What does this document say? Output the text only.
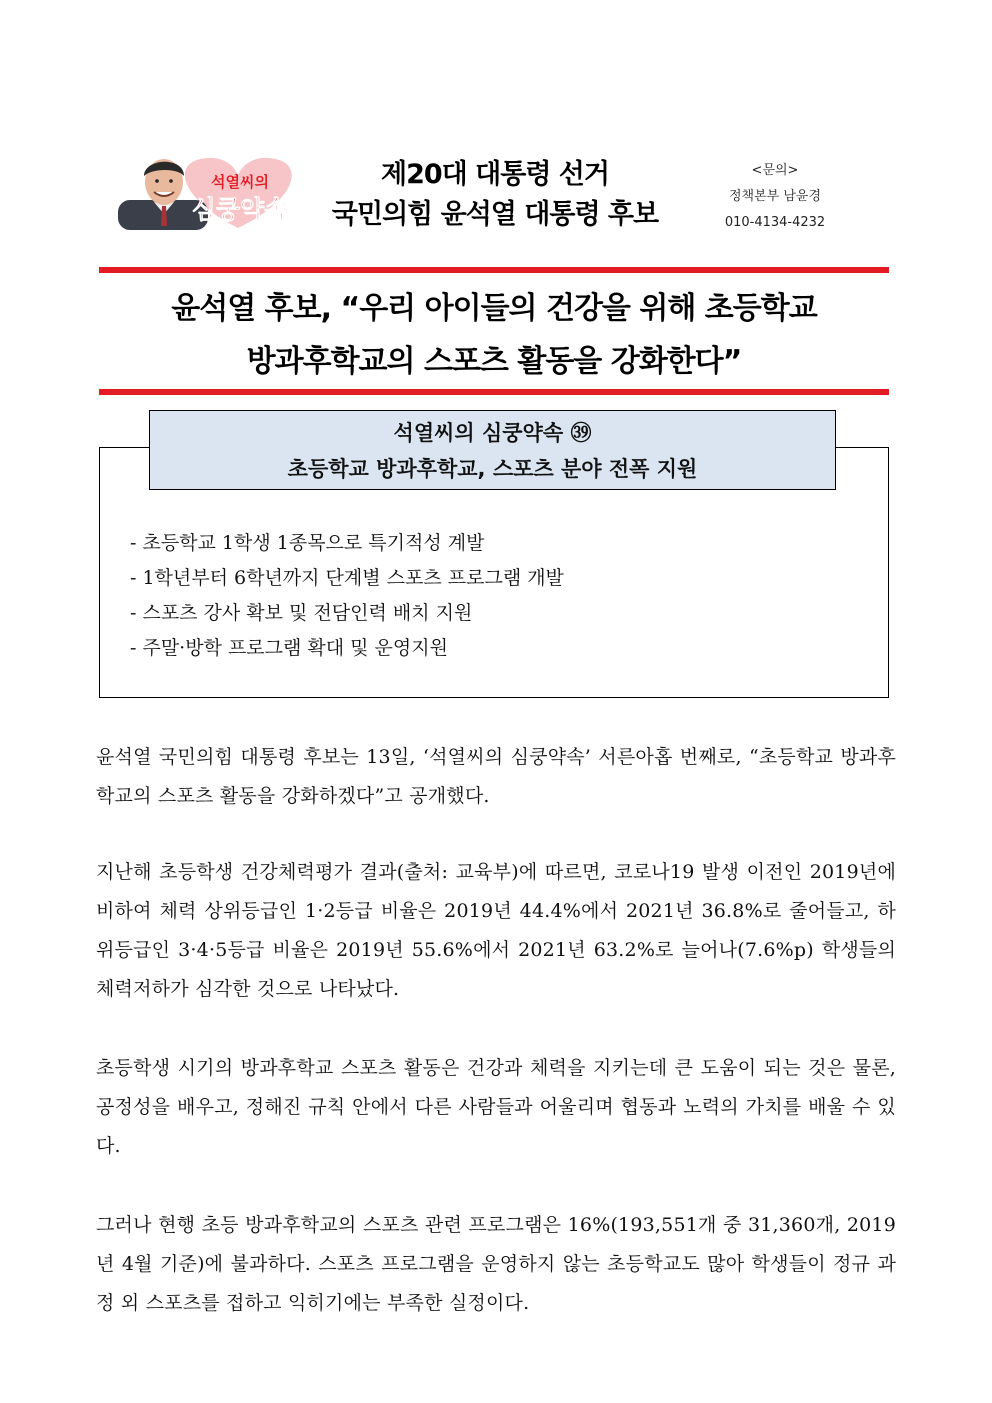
석열씨의
심쿵약속
제20대 대통령 선거
국민의힘 윤석열 대통령 후보
<문의>
정책본부 남윤경
010-4134-4232
윤석열 후보, “우리 아이들의 건강을 위해 초등학교
방과후학교의 스포츠 활동을 강화한다”
석열씨의 심쿵약속 ㊴
초등학교 방과후학교, 스포츠 분야 전폭 지원
- 초등학교 1학생 1종목으로 특기적성 계발
- 1학년부터 6학년까지 단계별 스포츠 프로그램 개발
- 스포츠 강사 확보 및 전담인력 배치 지원
- 주말·방학 프로그램 확대 및 운영지원

윤석열 국민의힘 대통령 후보는 13일, ‘석열씨의 심쿵약속’ 서른아홉 번째로, “초등학교 방과후학교의 스포츠 활동을 강화하겠다”고 공개했다.

지난해 초등학생 건강체력평가 결과(출처: 교육부)에 따르면, 코로나19 발생 이전인 2019년에 비하여 체력 상위등급인 1·2등급 비율은 2019년 44.4%에서 2021년 36.8%로 줄어들고, 하위등급인 3·4·5등급 비율은 2019년 55.6%에서 2021년 63.2%로 늘어나(7.6%p) 학생들의 체력저하가 심각한 것으로 나타났다.

초등학생 시기의 방과후학교 스포츠 활동은 건강과 체력을 지키는데 큰 도움이 되는 것은 물론, 공정성을 배우고, 정해진 규칙 안에서 다른 사람들과 어울리며 협동과 노력의 가치를 배울 수 있다.

그러나 현행 초등 방과후학교의 스포츠 관련 프로그램은 16%(193,551개 중 31,360개, 2019년 4월 기준)에 불과하다. 스포츠 프로그램을 운영하지 않는 초등학교도 많아 학생들이 정규 과정 외 스포츠를 접하고 익히기에는 부족한 실정이다.
